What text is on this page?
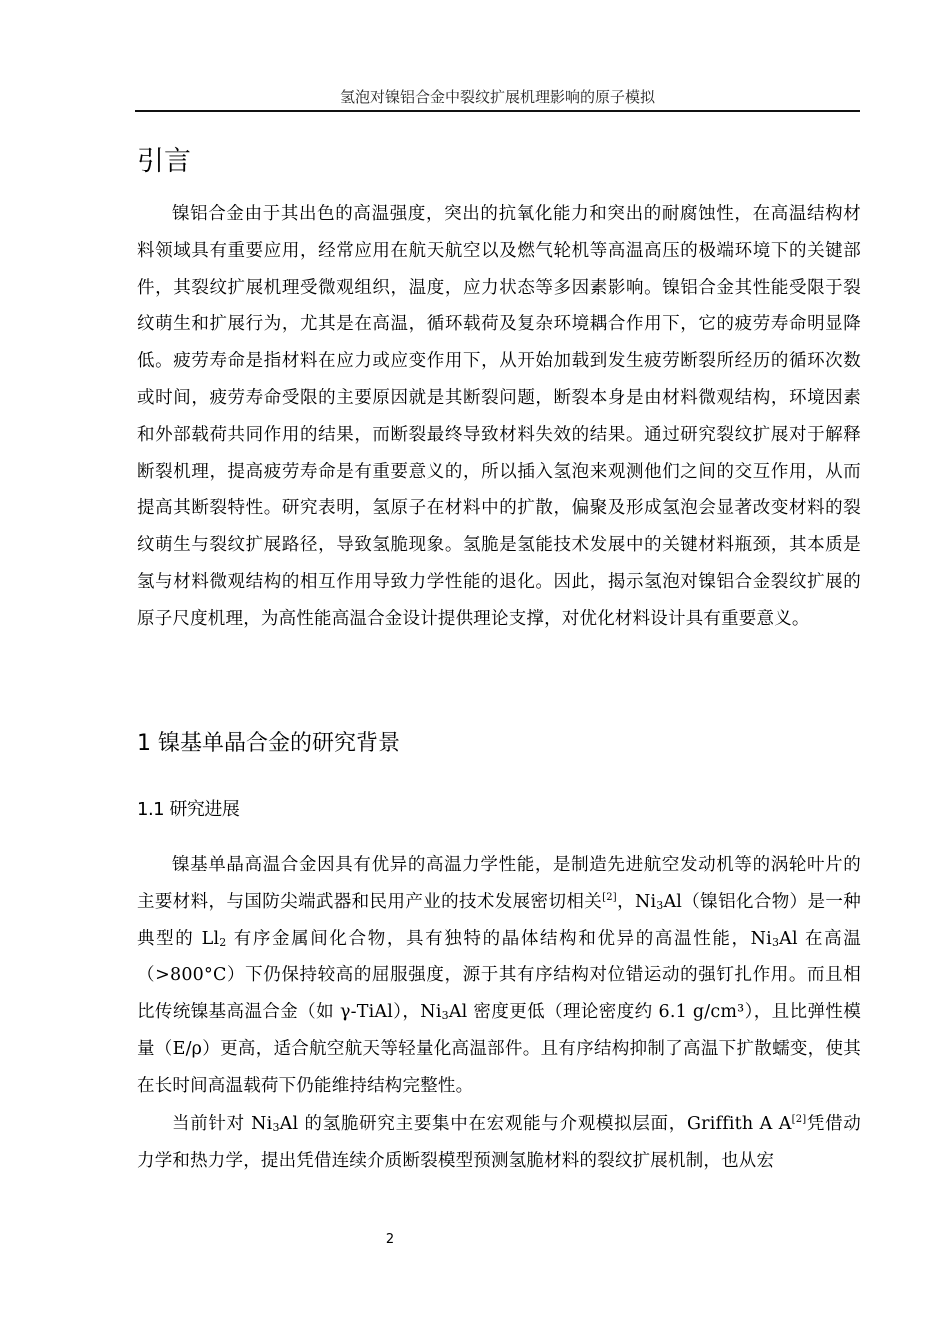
氢泡对镍铝合金中裂纹扩展机理影响的原子模拟
引言

镍铝合金由于其出色的高温强度，突出的抗氧化能力和突出的耐腐蚀性，在高温结构材料领域具有重要应用，经常应用在航天航空以及燃气轮机等高温高压的极端环境下的关键部件，其裂纹扩展机理受微观组织，温度，应力状态等多因素影响。镍铝合金其性能受限于裂纹萌生和扩展行为，尤其是在高温，循环载荷及复杂环境耦合作用下，它的疲劳寿命明显降低。疲劳寿命是指材料在应力或应变作用下，从开始加载到发生疲劳断裂所经历的循环次数或时间，疲劳寿命受限的主要原因就是其断裂问题，断裂本身是由材料微观结构，环境因素和外部载荷共同作用的结果，而断裂最终导致材料失效的结果。通过研究裂纹扩展对于解释断裂机理，提高疲劳寿命是有重要意义的，所以插入氢泡来观测他们之间的交互作用，从而提高其断裂特性。研究表明，氢原子在材料中的扩散，偏聚及形成氢泡会显著改变材料的裂纹萌生与裂纹扩展路径，导致氢脆现象。氢脆是氢能技术发展中的关键材料瓶颈，其本质是氢与材料微观结构的相互作用导致力学性能的退化。因此，揭示氢泡对镍铝合金裂纹扩展的原子尺度机理，为高性能高温合金设计提供理论支撑，对优化材料设计具有重要意义。

1 镍基单晶合金的研究背景
1.1 研究进展

镍基单晶高温合金因具有优异的高温力学性能，是制造先进航空发动机等的涡轮叶片的主要材料，与国防尖端武器和民用产业的技术发展密切相关[2]，$Ni_3Al$（镍铝化合物）是一种典型的 $Ll_2$ 有序金属间化合物，具有独特的晶体结构和优异的高温性能，$Ni_3Al$ 在高温（>800°C）下仍保持较高的屈服强度，源于其有序结构对位错运动的强钉扎作用。而且相比传统镍基高温合金（如 γ-TiAl），$Ni_3Al$ 密度更低（理论密度约 6.1 g/cm³），且比弹性模量（E/ρ）更高，适合航空航天等轻量化高温部件。且有序结构抑制了高温下扩散蠕变，使其在长时间高温载荷下仍能维持结构完整性。

当前针对 $Ni_3Al$ 的氢脆研究主要集中在宏观能与介观模拟层面，Griffith A A[2]凭借动力学和热力学，提出凭借连续介质断裂模型预测氢脆材料的裂纹扩展机制，也从宏

2
